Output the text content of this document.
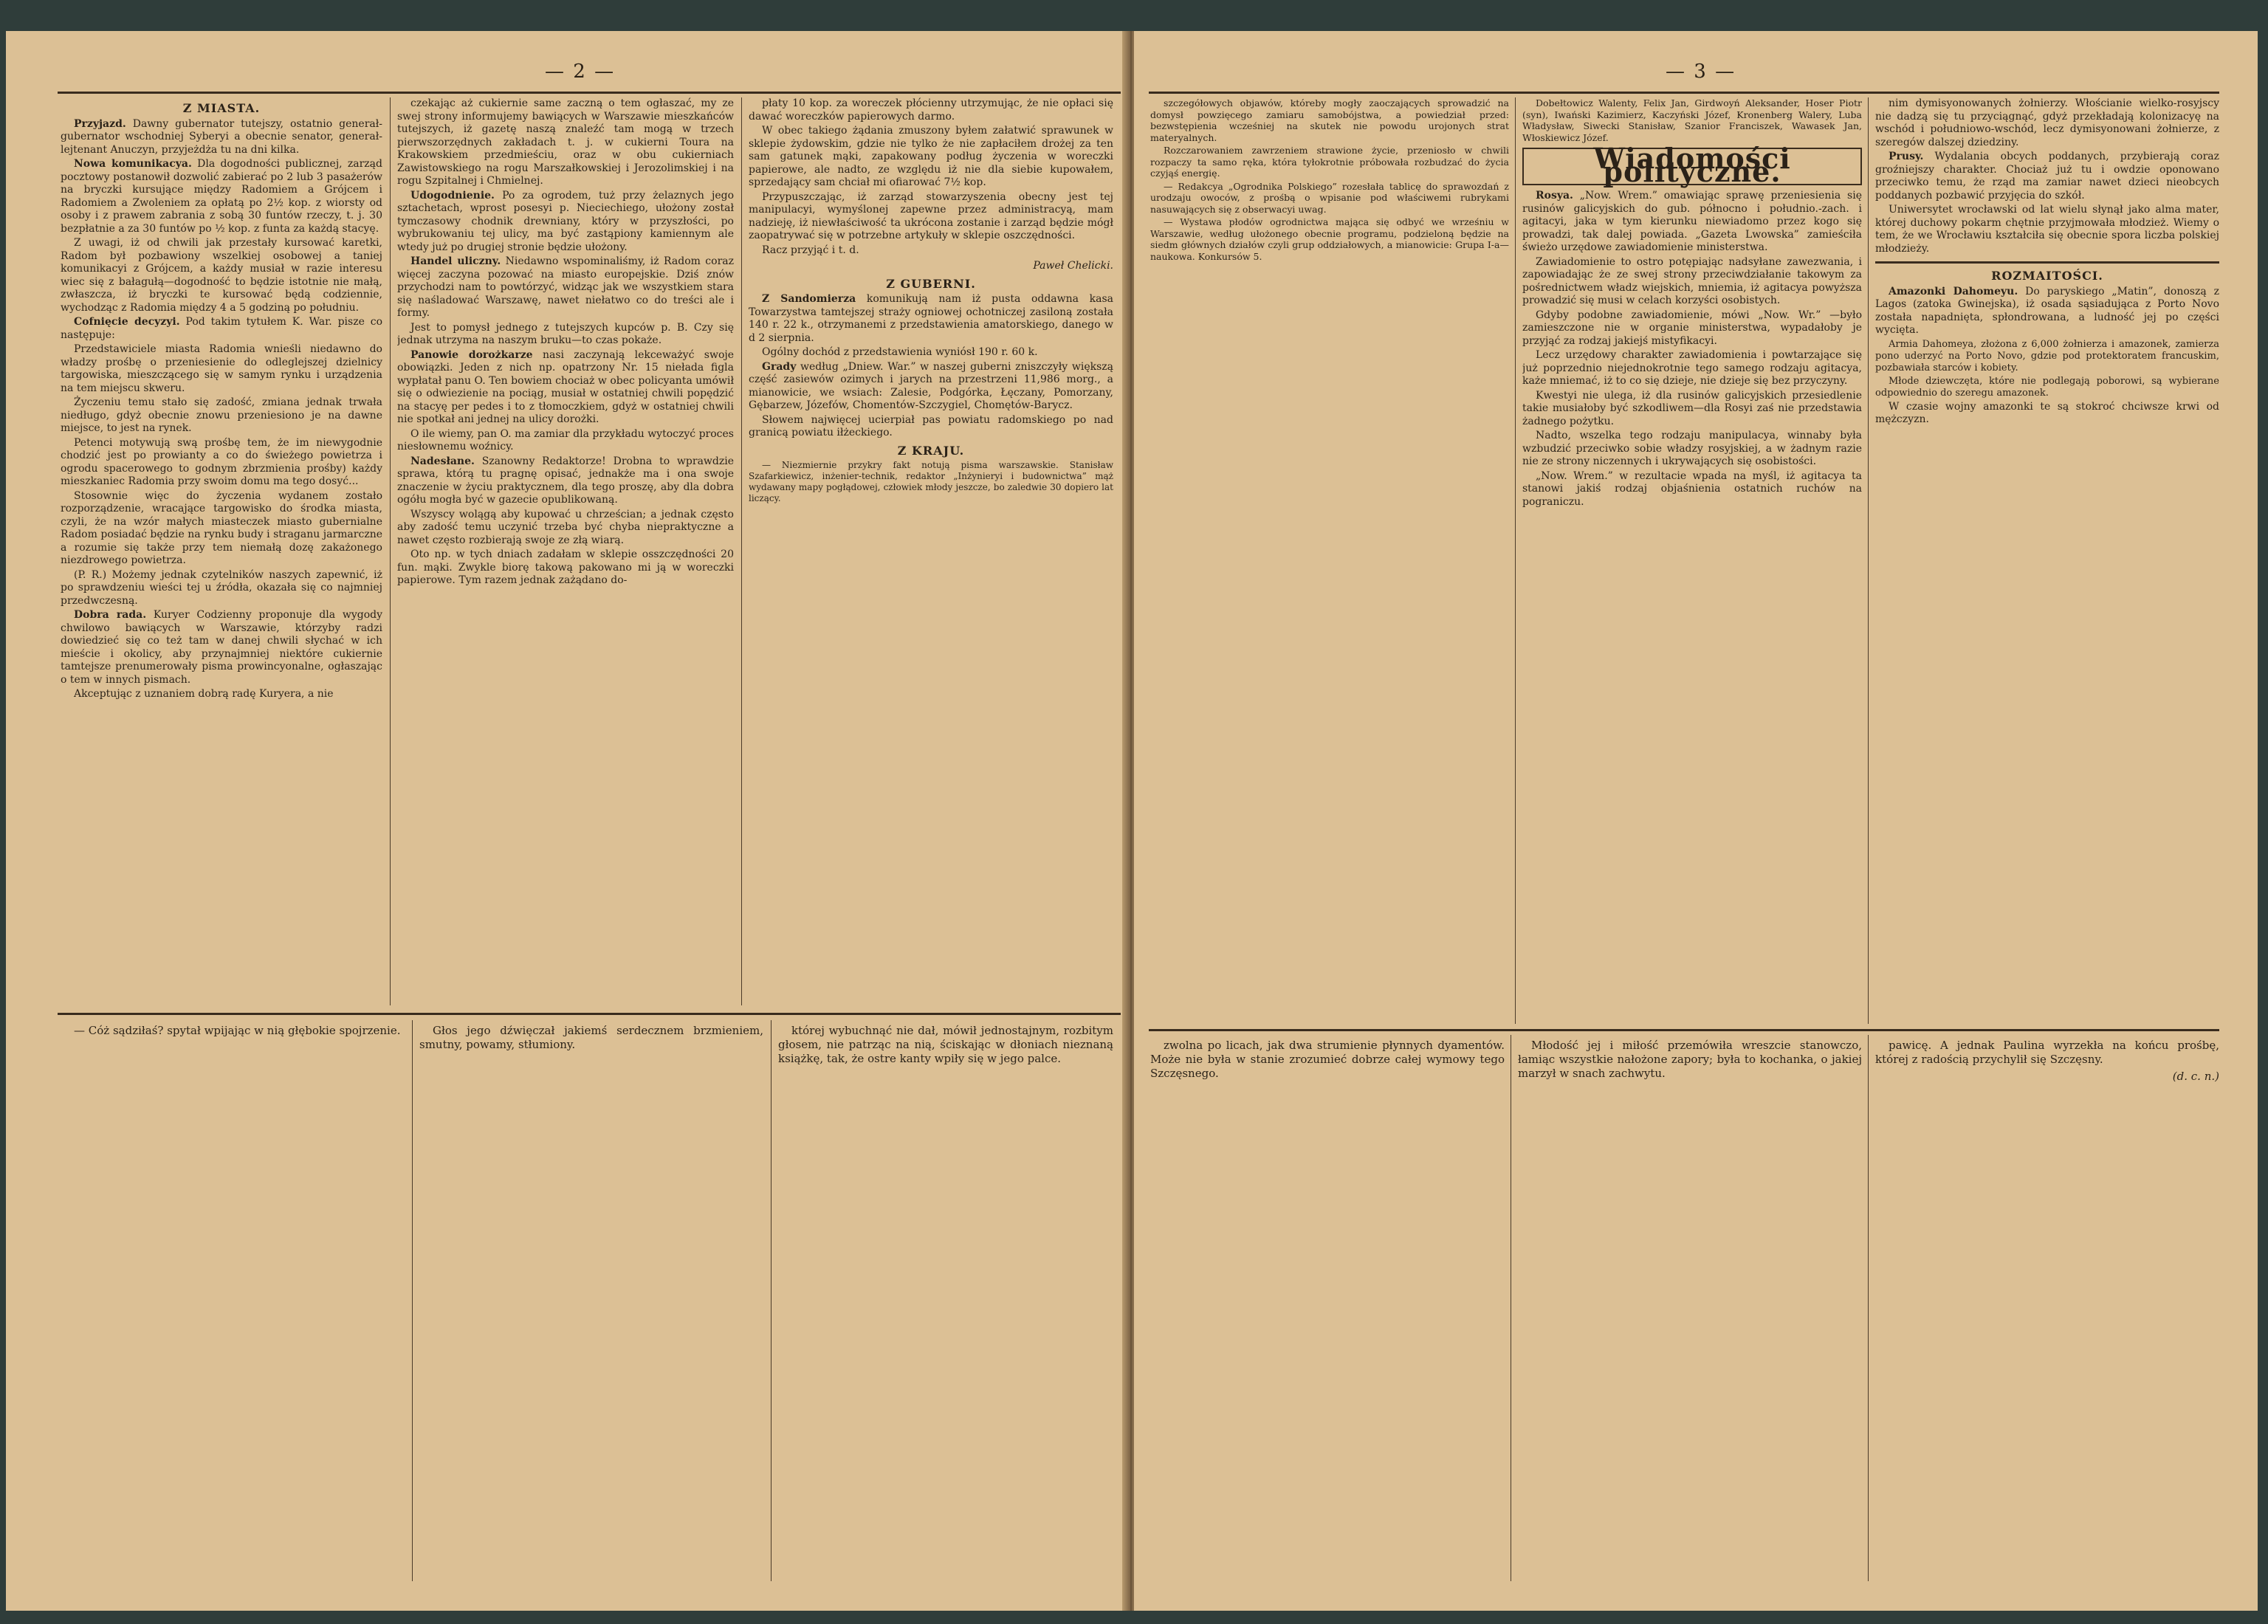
— 2 —
Z MIASTA.

Przyjazd. Dawny gubernator tutejszy, ostatnio generał-gubernator wschodniej Syberyi a obecnie senator, generał-lejtenant Anuczyn, przyjeżdża tu na dni kilka.

Nowa komunikacya. Dla dogodności publicznej, zarząd pocztowy postanowił dozwolić zabierać po 2 lub 3 pasażerów na bryczki kursujące między Radomiem a Grójcem i Radomiem a Zwoleniem za opłatą po 2½ kop. z wiorsty od osoby i z prawem zabrania z sobą 30 funtów rzeczy, t. j. 30 bezpłatnie a za 30 funtów po ½ kop. z funta za każdą stacyę.

Z uwagi, iż od chwili jak przestały kursować karetki, Radom był pozbawiony wszelkiej osobowej a taniej komunikacyi z Grójcem, a każdy musiał w razie interesu wiec się z bałagułą—dogodność to będzie istotnie nie małą, zwłaszcza, iż bryczki te kursować będą codziennie, wychodząc z Radomia między 4 a 5 godziną po południu.

Cofnięcie decyzyi. Pod takim tytułem K. War. pisze co następuje:

Przedstawiciele miasta Radomia wnieśli niedawno do władzy prośbę o przeniesienie do odleglejszej dzielnicy targowiska, mieszczącego się w samym rynku i urządzenia na tem miejscu skweru.

Życzeniu temu stało się zadość, zmiana jednak trwała niedługo, gdyż obecnie znowu przeniesiono je na dawne miejsce, to jest na rynek.

Petenci motywują swą prośbę tem, że im niewygodnie chodzić jest po prowianty a co do świeżego powietrza i ogrodu spacerowego to godnym zbrzmienia prośby) każdy mieszkaniec Radomia przy swoim domu ma tego dosyć...

Stosownie więc do życzenia wydanem zostało rozporządzenie, wracające targowisko do środka miasta, czyli, że na wzór małych miasteczek miasto gubernialne Radom posiadać będzie na rynku budy i straganu jarmarczne a rozumie się także przy tem niemałą dozę zakażonego niezdrowego powietrza.

(P. R.) Możemy jednak czytelników naszych zapewnić, iż po sprawdzeniu wieści tej u źródła, okazała się co najmniej przedwczesną.

Dobra rada. Kuryer Codzienny proponuje dla wygody chwilowo bawiących w Warszawie, którzyby radzi dowiedzieć się co też tam w danej chwili słychać w ich mieście i okolicy, aby przynajmniej niektóre cukiernie tamtejsze prenumerowały pisma prowincyonalne, ogłaszając o tem w innych pismach.

Akceptując z uznaniem dobrą radę Kuryera, a nie

czekając aż cukiernie same zaczną o tem ogłaszać, my ze swej strony informujemy bawiących w Warszawie mieszkańców tutejszych, iż gazetę naszą znaleźć tam mogą w trzech pierwszorzędnych zakładach t. j. w cukierni Toura na Krakowskiem przedmieściu, oraz w obu cukierniach Zawistowskiego na rogu Marszałkowskiej i Jerozolimskiej i na rogu Szpitalnej i Chmielnej.

Udogodnienie. Po za ogrodem, tuż przy żelaznych jego sztachetach, wprost posesyi p. Nieciechiego, ułożony został tymczasowy chodnik drewniany, który w przyszłości, po wybrukowaniu tej ulicy, ma być zastąpiony kamiennym ale wtedy już po drugiej stronie będzie ułożony.

Handel uliczny. Niedawno wspominaliśmy, iż Radom coraz więcej zaczyna pozować na miasto europejskie. Dziś znów przychodzi nam to powtórzyć, widząc jak we wszystkiem stara się naśladować Warszawę, nawet niełatwo co do treści ale i formy.

Jest to pomysł jednego z tutejszych kupców p. B. Czy się jednak utrzyma na naszym bruku—to czas pokaże.

Panowie dorożkarze nasi zaczynają lekceważyć swoje obowiązki. Jeden z nich np. opatrzony Nr. 15 niełada figla wypłatał panu O. Ten bowiem chociaż w obec policyanta umówił się o odwiezienie na pociąg, musiał w ostatniej chwili popędzić na stacyę per pedes i to z tłomoczkiem, gdyż w ostatniej chwili nie spotkał ani jednej na ulicy dorożki.

O ile wiemy, pan O. ma zamiar dla przykładu wytoczyć proces niesłownemu woźnicy.

Nadesłane. Szanowny Redaktorze! Drobna to wprawdzie sprawa, którą tu pragnę opisać, jednakże ma i ona swoje znaczenie w życiu praktycznem, dla tego proszę, aby dla dobra ogółu mogła być w gazecie opublikowaną.

Wszyscy wolągą aby kupować u chrześcian; a jednak często aby zadość temu uczynić trzeba być chyba niepraktyczne a nawet często rozbierają swoje ze złą wiarą.

Oto np. w tych dniach zadałam w sklepie osszczędności 20 fun. mąki. Zwykle biorę takową pakowano mi ją w woreczki papierowe. Tym razem jednak zażądano do-

płaty 10 kop. za woreczek płócienny utrzymując, że nie opłaci się dawać woreczków papierowych darmo.

W obec takiego żądania zmuszony byłem załatwić sprawunek w sklepie żydowskim, gdzie nie tylko że nie zapłaciłem drożej za ten sam gatunek mąki, zapakowany podług życzenia w woreczki papierowe, ale nadto, ze względu iż nie dla siebie kupowałem, sprzedający sam chciał mi ofiarować 7½ kop.

Przypuszczając, iż zarząd stowarzyszenia obecny jest tej manipulacyi, wymyślonej zapewne przez administracyą, mam nadzieję, iż niewłaściwość ta ukrócona zostanie i zarząd będzie mógł zaopatrywać się w potrzebne artykuły w sklepie oszczędności.

Racz przyjąć i t. d.

Paweł Chelicki.
Z GUBERNI.

Z Sandomierza komunikują nam iż pusta oddawna kasa Towarzystwa tamtejszej straży ogniowej ochotniczej zasiloną została 140 r. 22 k., otrzymanemi z przedstawienia amatorskiego, danego w d 2 sierpnia.

Ogólny dochód z przedstawienia wyniósł 190 r. 60 k.

Grady według „Dniew. War.” w naszej guberni zniszczyły większą część zasiewów ozimych i jarych na przestrzeni 11,986 morg., a mianowicie, we wsiach: Zalesie, Podgórka, Łęczany, Pomorzany, Gębarzew, Józefów, Chomentów-Szczygiel, Chomętów-Barycz.

Słowem najwięcej ucierpiał pas powiatu radomskiego po nad granicą powiatu iłżeckiego.

Z KRAJU.

— Niezmiernie przykry fakt notują pisma warszawskie. Stanisław Szafarkiewicz, inżenier-technik, redaktor „Inżynieryi i budownictwa” mąż wydawany mapy pogłądowej, człowiek młody jeszcze, bo zaledwie 30 dopiero lat liczący.

— Cóż sądziłaś? spytał wpijając w nią głębokie spojrzenie.	Głos jego dźwięczał jakiemś serdecznem brzmieniem, smutny, powamy, stłumiony.

której wybuchnąć nie dał, mówił jednostajnym, rozbitym głosem, nie patrząc na nią, ściskając w dłoniach nieznaną książkę, tak, że ostre kanty wpiły się w jego palce.

— 3 —

szczegółowych objawów, któreby mogły zaoczających sprowadzić na domysł powzięcego zamiaru samobójstwa, a powiedział przed: bezwstępienia wcześniej na skutek nie powodu urojonych strat materyalnych.

Rozczarowaniem zawrzeniem strawione życie, przeniosło w chwili rozpaczy ta samo ręka, która tyłokrotnie próbowała rozbudzać do życia czyjąś energię.

— Redakcya „Ogrodnika Polskiego” rozesłała tablicę do sprawozdań z urodzaju owoców, z prośbą o wpisanie pod właściwemi rubrykami nasuwających się z obserwacyi uwag.

— Wystawa płodów ogrodnictwa mająca się odbyć we wrześniu w Warszawie, według ułożonego obecnie programu, podzieloną będzie na siedm głównych działów czyli grup oddziałowych, a mianowicie: Grupa I-a—naukowa. Konkursów 5.

Dobełtowicz Walenty, Felix Jan, Girdwoyń Aleksander, Hoser Piotr (syn), Iwański Kazimierz, Kaczyński Józef, Kronenberg Walery, Luba Władysław, Siwecki Stanisław, Szanior Franciszek, Wawasek Jan, Włoskiewicz Józef.

Wiadomości polityczne.

Rosya. „Now. Wrem.” omawiając sprawę przeniesienia się rusinów galicyjskich do gub. północno i południo.-zach. i agitacyi, jaka w tym kierunku niewiadomo przez kogo się prowadzi, tak dalej powiada. „Gazeta Lwowska” zamieściła świeżo urzędowe zawiadomienie ministerstwa.

Zawiadomienie to ostro potępiając nadsyłane zawezwania, i zapowiadając że ze swej strony przeciwdziałanie takowym za pośrednictwem władz wiejskich, mniemia, iż agitacya powyższa prowadzić się musi w celach korzyści osobistych.

Gdyby podobne zawiadomienie, mówi „Now. Wr.” —było zamieszczone nie w organie ministerstwa, wypadałoby je przyjąć za rodzaj jakiejś mistyfikacyi.

Lecz urzędowy charakter zawiadomienia i powtarzające się już poprzednio niejednokrotnie tego samego rodzaju agitacya, każe mniemać, iż to co się dzieje, nie dzieje się bez przyczyny.

Kwestyi nie ulega, iż dla rusinów galicyjskich przesiedlenie takie musiałoby być szkodliwem—dla Rosyi zaś nie przedstawia żadnego pożytku.

Nadto, wszelka tego rodzaju manipulacya, winnaby była wzbudzić przeciwko sobie władzy rosyjskiej, a w żadnym razie nie ze strony niczennych i ukrywających się osobistości.

„Now. Wrem.” w rezultacie wpada na myśl, iż agitacya ta stanowi jakiś rodzaj objaśnienia ostatnich ruchów na pograniczu.

nim dymisyonowanych żołnierzy. Włościanie wielko-rosyjscy nie dadzą się tu przyciągnąć, gdyż przekładają kolonizacyę na wschód i południowo-wschód, lecz dymisyonowani żołnierze, z szeregów dalszej dziedziny.

Prusy. Wydalania obcych poddanych, przybierają coraz groźniejszy charakter. Chociaż już tu i owdzie oponowano przeciwko temu, że rząd ma zamiar nawet dzieci nieobcych poddanych pozbawić przyjęcia do szkół.

Uniwersytet wrocławski od lat wielu słynął jako alma mater, której duchowy pokarm chętnie przyjmowała młodzież. Wiemy o tem, że we Wrocławiu kształciła się obecnie spora liczba polskiej młodzieży.

ROZMAITOŚCI.

Amazonki Dahomeyu. Do paryskiego „Matin”, donoszą z Lagos (zatoka Gwinejska), iż osada sąsiadująca z Porto Novo została napadnięta, spłondrowana, a ludność jej po części wycięta.

Armia Dahomeya, złożona z 6,000 żołnierza i amazonek, zamierza pono uderzyć na Porto Novo, gdzie pod protektoratem francuskim, pozbawiała starców i kobiety.

Młode dziewczęta, które nie podlegają poborowi, są wybierane odpowiednio do szeregu amazonek.

W czasie wojny amazonki te są stokroć chciwsze krwi od mężczyzn.

zwolna po licach, jak dwa strumienie płynnych dyamentów. Może nie była w stanie zrozumieć dobrze całej wymowy tego Szczęsnego.

Młodość jej i miłość przemówiła wreszcie stanowczo, łamiąc wszystkie nałożone zapory; była to kochanka, o jakiej marzył w snach zachwytu.

pawicę. A jednak Paulina wyrzekła na końcu prośbę, której z radością przychylił się Szczęsny.

(d. c. n.)
